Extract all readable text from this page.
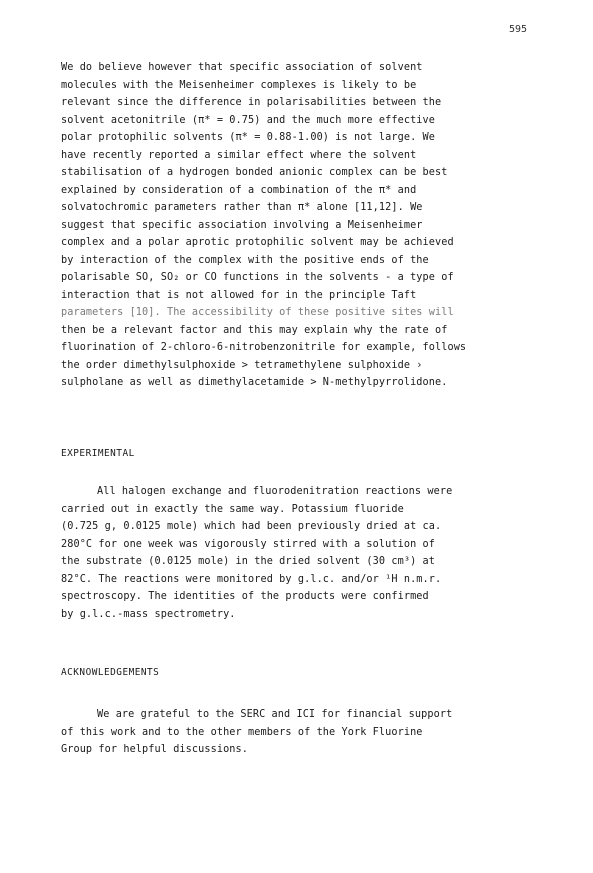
595
We do believe however that specific association of solvent
molecules with the Meisenheimer complexes is likely to be
relevant since the difference in polarisabilities between the
solvent acetonitrile (π* = 0.75) and the much more effective
polar protophilic solvents (π* = 0.88-1.00) is not large. We
have recently reported a similar effect where the solvent
stabilisation of a hydrogen bonded anionic complex can be best
explained by consideration of a combination of the π* and
solvatochromic parameters rather than π* alone [11,12]. We
suggest that specific association involving a Meisenheimer
complex and a polar aprotic protophilic solvent may be achieved
by interaction of the complex with the positive ends of the
polarisable SO, SO₂ or CO functions in the solvents - a type of
interaction that is not allowed for in the principle Taft
parameters [10]. The accessibility of these positive sites will
then be a relevant factor and this may explain why the rate of
fluorination of 2-chloro-6-nitrobenzonitrile for example, follows
the order dimethylsulphoxide > tetramethylene sulphoxide ›
sulpholane as well as dimethylacetamide > N-methylpyrrolidone.
EXPERIMENTAL
All halogen exchange and fluorodenitration reactions were
carried out in exactly the same way. Potassium fluoride
(0.725 g, 0.0125 mole) which had been previously dried at ca.
280°C for one week was vigorously stirred with a solution of
the substrate (0.0125 mole) in the dried solvent (30 cm³) at
82°C. The reactions were monitored by g.l.c. and/or ¹H n.m.r.
spectroscopy. The identities of the products were confirmed
by g.l.c.-mass spectrometry.
ACKNOWLEDGEMENTS
We are grateful to the SERC and ICI for financial support
of this work and to the other members of the York Fluorine
Group for helpful discussions.
